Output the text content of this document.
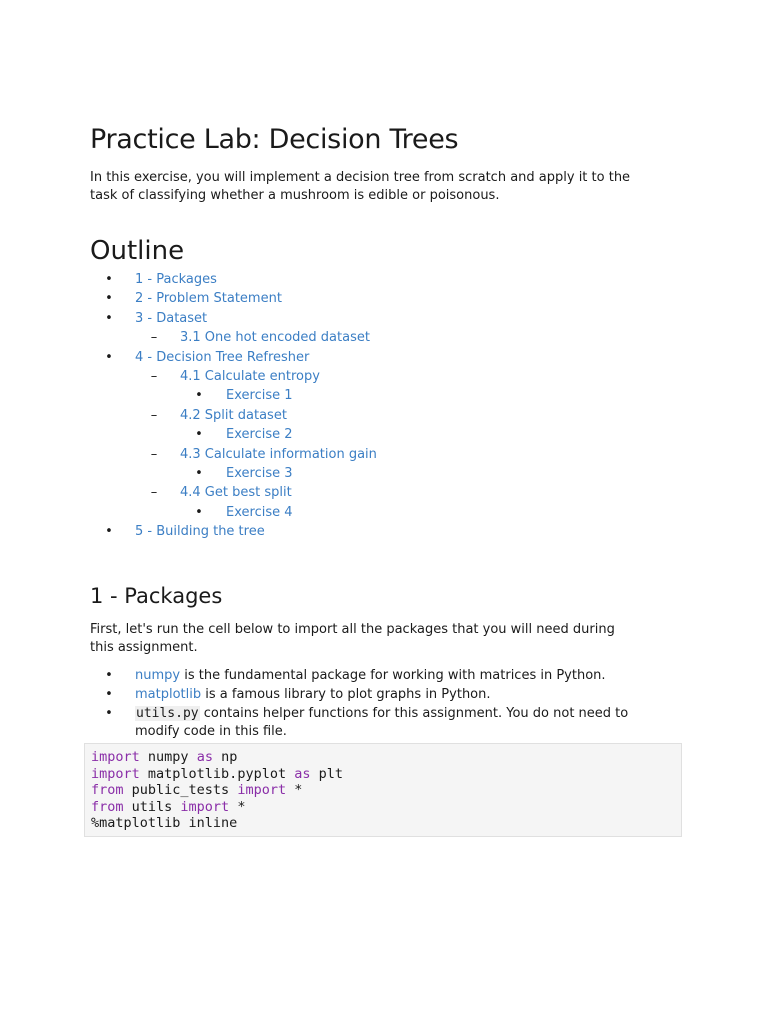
Practice Lab: Decision Trees

In this exercise, you will implement a decision tree from scratch and apply it to the task of classifying whether a mushroom is edible or poisonous.

Outline
• 1 - Packages
• 2 - Problem Statement
• 3 - Dataset
– 3.1 One hot encoded dataset
• 4 - Decision Tree Refresher
– 4.1 Calculate entropy
• Exercise 1
– 4.2 Split dataset
• Exercise 2
– 4.3 Calculate information gain
• Exercise 3
– 4.4 Get best split
• Exercise 4
• 5 - Building the tree
1 - Packages

First, let's run the cell below to import all the packages that you will need during this assignment.

• numpy is the fundamental package for working with matrices in Python.
• matplotlib is a famous library to plot graphs in Python.
• utils.py contains helper functions for this assignment. You do not need to modify code in this file.
import numpy as np
import matplotlib.pyplot as plt
from public_tests import *
from utils import *
%matplotlib inline
